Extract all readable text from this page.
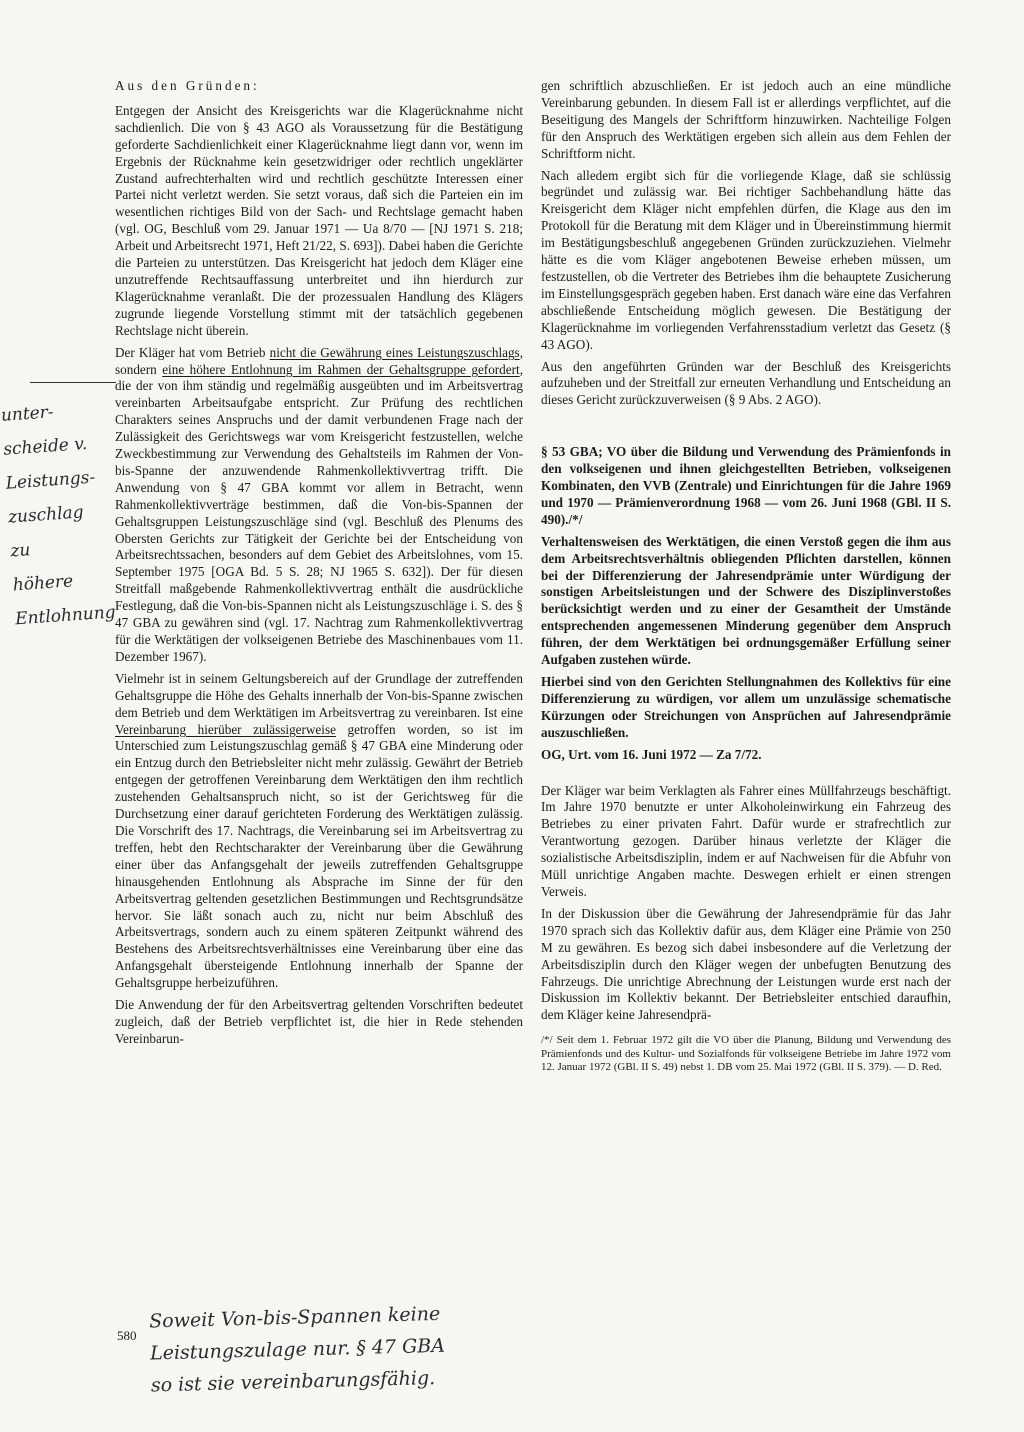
Aus den Gründen:

Entgegen der Ansicht des Kreisgerichts war die Klagerücknahme nicht sachdienlich. Die von § 43 AGO als Voraussetzung für die Bestätigung geforderte Sachdienlichkeit einer Klagerücknahme liegt dann vor, wenn im Ergebnis der Rücknahme kein gesetzwidriger oder rechtlich ungeklärter Zustand aufrechterhalten wird und rechtlich geschützte Interessen einer Partei nicht verletzt werden. Sie setzt voraus, daß sich die Parteien ein im wesentlichen richtiges Bild von der Sach- und Rechtslage gemacht haben (vgl. OG, Beschluß vom 29. Januar 1971 — Ua 8/70 — [NJ 1971 S. 218; Arbeit und Arbeitsrecht 1971, Heft 21/22, S. 693]). Dabei haben die Gerichte die Parteien zu unterstützen. Das Kreisgericht hat jedoch dem Kläger eine unzutreffende Rechtsauffassung unterbreitet und ihn hierdurch zur Klagerücknahme veranlaßt. Die der prozessualen Handlung des Klägers zugrunde liegende Vorstellung stimmt mit der tatsächlich gegebenen Rechtslage nicht überein.

Der Kläger hat vom Betrieb nicht die Gewährung eines Leistungszuschlags, sondern eine höhere Entlohnung im Rahmen der Gehaltsgruppe gefordert, die der von ihm ständig und regelmäßig ausgeübten und im Arbeitsvertrag vereinbarten Arbeitsaufgabe entspricht. Zur Prüfung des rechtlichen Charakters seines Anspruchs und der damit verbundenen Frage nach der Zulässigkeit des Gerichtswegs war vom Kreisgericht festzustellen, welche Zweckbestimmung zur Verwendung des Gehaltsteils im Rahmen der Von-bis-Spanne der anzuwendende Rahmenkollektivvertrag trifft. Die Anwendung von § 47 GBA kommt vor allem in Betracht, wenn Rahmenkollektivverträge bestimmen, daß die Von-bis-Spannen der Gehaltsgruppen Leistungszuschläge sind (vgl. Beschluß des Plenums des Obersten Gerichts zur Tätigkeit der Gerichte bei der Entscheidung von Arbeitsrechtssachen, besonders auf dem Gebiet des Arbeitslohnes, vom 15. September 1975 [OGA Bd. 5 S. 28; NJ 1965 S. 632]). Der für diesen Streitfall maßgebende Rahmenkollektivvertrag enthält die ausdrückliche Festlegung, daß die Von-bis-Spannen nicht als Leistungszuschläge i. S. des § 47 GBA zu gewähren sind (vgl. 17. Nachtrag zum Rahmenkollektivvertrag für die Werktätigen der volkseigenen Betriebe des Maschinenbaues vom 11. Dezember 1967).

Vielmehr ist in seinem Geltungsbereich auf der Grundlage der zutreffenden Gehaltsgruppe die Höhe des Gehalts innerhalb der Von-bis-Spanne zwischen dem Betrieb und dem Werktätigen im Arbeitsvertrag zu vereinbaren. Ist eine Vereinbarung hierüber zulässigerweise getroffen worden, so ist im Unterschied zum Leistungszuschlag gemäß § 47 GBA eine Minderung oder ein Entzug durch den Betriebsleiter nicht mehr zulässig. Gewährt der Betrieb entgegen der getroffenen Vereinbarung dem Werktätigen den ihm rechtlich zustehenden Gehaltsanspruch nicht, so ist der Gerichtsweg für die Durchsetzung einer darauf gerichteten Forderung des Werktätigen zulässig. Die Vorschrift des 17. Nachtrags, die Vereinbarung sei im Arbeitsvertrag zu treffen, hebt den Rechtscharakter der Vereinbarung über die Gewährung einer über das Anfangsgehalt der jeweils zutreffenden Gehaltsgruppe hinausgehenden Entlohnung als Absprache im Sinne der für den Arbeitsvertrag geltenden gesetzlichen Bestimmungen und Rechtsgrundsätze hervor. Sie läßt sonach auch zu, nicht nur beim Abschluß des Arbeitsvertrags, sondern auch zu einem späteren Zeitpunkt während des Bestehens des Arbeitsrechtsverhältnisses eine Vereinbarung über eine das Anfangsgehalt übersteigende Entlohnung innerhalb der Spanne der Gehaltsgruppe herbeizuführen.

Die Anwendung der für den Arbeitsvertrag geltenden Vorschriften bedeutet zugleich, daß der Betrieb verpflichtet ist, die hier in Rede stehenden Vereinbarun-

gen schriftlich abzuschließen. Er ist jedoch auch an eine mündliche Vereinbarung gebunden. In diesem Fall ist er allerdings verpflichtet, auf die Beseitigung des Mangels der Schriftform hinzuwirken. Nachteilige Folgen für den Anspruch des Werktätigen ergeben sich allein aus dem Fehlen der Schriftform nicht.

Nach alledem ergibt sich für die vorliegende Klage, daß sie schlüssig begründet und zulässig war. Bei richtiger Sachbehandlung hätte das Kreisgericht dem Kläger nicht empfehlen dürfen, die Klage aus den im Protokoll für die Beratung mit dem Kläger und in Übereinstimmung hiermit im Bestätigungsbeschluß angegebenen Gründen zurückzuziehen. Vielmehr hätte es die vom Kläger angebotenen Beweise erheben müssen, um festzustellen, ob die Vertreter des Betriebes ihm die behauptete Zusicherung im Einstellungsgespräch gegeben haben. Erst danach wäre eine das Verfahren abschließende Entscheidung möglich gewesen. Die Bestätigung der Klagerücknahme im vorliegenden Verfahrensstadium verletzt das Gesetz (§ 43 AGO).

Aus den angeführten Gründen war der Beschluß des Kreisgerichts aufzuheben und der Streitfall zur erneuten Verhandlung und Entscheidung an dieses Gericht zurückzuverweisen (§ 9 Abs. 2 AGO).

§ 53 GBA; VO über die Bildung und Verwendung des Prämienfonds in den volkseigenen und ihnen gleichgestellten Betrieben, volkseigenen Kombinaten, den VVB (Zentrale) und Einrichtungen für die Jahre 1969 und 1970 — Prämienverordnung 1968 — vom 26. Juni 1968 (GBl. II S. 490)./*/

Verhaltensweisen des Werktätigen, die einen Verstoß gegen die ihm aus dem Arbeitsrechtsverhältnis obliegenden Pflichten darstellen, können bei der Differenzierung der Jahresendprämie unter Würdigung der sonstigen Arbeitsleistungen und der Schwere des Disziplinverstoßes berücksichtigt werden und zu einer der Gesamtheit der Umstände entsprechenden angemessenen Minderung gegenüber dem Anspruch führen, der dem Werktätigen bei ordnungsgemäßer Erfüllung seiner Aufgaben zustehen würde.

Hierbei sind von den Gerichten Stellungnahmen des Kollektivs für eine Differenzierung zu würdigen, vor allem um unzulässige schematische Kürzungen oder Streichungen von Ansprüchen auf Jahresendprämie auszuschließen.

OG, Urt. vom 16. Juni 1972 — Za 7/72.

Der Kläger war beim Verklagten als Fahrer eines Müllfahrzeugs beschäftigt. Im Jahre 1970 benutzte er unter Alkoholeinwirkung ein Fahrzeug des Betriebes zu einer privaten Fahrt. Dafür wurde er strafrechtlich zur Verantwortung gezogen. Darüber hinaus verletzte der Kläger die sozialistische Arbeitsdisziplin, indem er auf Nachweisen für die Abfuhr von Müll unrichtige Angaben machte. Deswegen erhielt er einen strengen Verweis.

In der Diskussion über die Gewährung der Jahresendprämie für das Jahr 1970 sprach sich das Kollektiv dafür aus, dem Kläger eine Prämie von 250 M zu gewähren. Es bezog sich dabei insbesondere auf die Verletzung der Arbeitsdisziplin durch den Kläger wegen der unbefugten Benutzung des Fahrzeugs. Die unrichtige Abrechnung der Leistungen wurde erst nach der Diskussion im Kollektiv bekannt. Der Betriebsleiter entschied daraufhin, dem Kläger keine Jahresendprä-

/*/ Seit dem 1. Februar 1972 gilt die VO über die Planung, Bildung und Verwendung des Prämienfonds und des Kultur- und Sozialfonds für volkseigene Betriebe im Jahre 1972 vom 12. Januar 1972 (GBl. II S. 49) nebst 1. DB vom 25. Mai 1972 (GBl. II S. 379). — D. Red.

unter-
scheide v.
Leistungs-
zuschlag
zu
höhere
Entlohnung
580
Soweit Von-bis-Spannen keine
Leistungszulage nur. § 47 GBA
so ist sie vereinbarungsfähig.
